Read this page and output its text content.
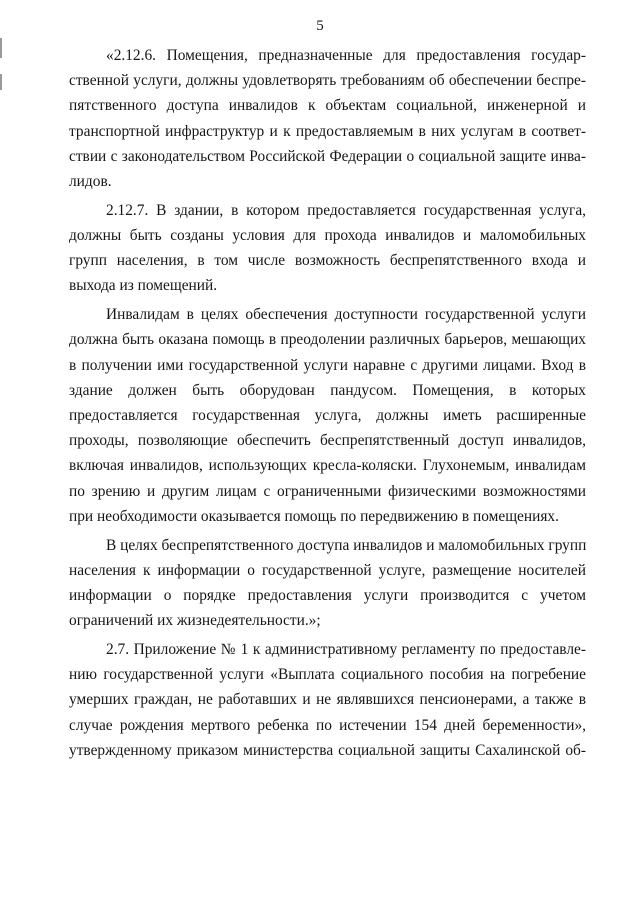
5

«2.12.6. Помещения, предназначенные для предоставления государ-
ственной услуги, должны удовлетворять требованиям об обеспечении беспре-
пятственного доступа инвалидов к объектам социальной, инженерной и
транспортной инфраструктур и к предоставляемым в них услугам в соответ-
ствии с законодательством Российской Федерации о социальной защите инва-
лидов.

2.12.7. В здании, в котором предоставляется государственная услуга,
должны быть созданы условия для прохода инвалидов и маломобильных
групп населения, в том числе возможность беспрепятственного входа и
выхода из помещений.

Инвалидам в целях обеспечения доступности государственной услуги
должна быть оказана помощь в преодолении различных барьеров, мешающих
в получении ими государственной услуги наравне с другими лицами. Вход в
здание должен быть оборудован пандусом. Помещения, в которых
предоставляется государственная услуга, должны иметь расширенные
проходы, позволяющие обеспечить беспрепятственный доступ инвалидов,
включая инвалидов, использующих кресла-коляски. Глухонемым, инвалидам
по зрению и другим лицам с ограниченными физическими возможностями
при необходимости оказывается помощь по передвижению в помещениях.

В целях беспрепятственного доступа инвалидов и маломобильных групп
населения к информации о государственной услуге, размещение носителей
информации о порядке предоставления услуги производится с учетом
ограничений их жизнедеятельности.»;

2.7. Приложение № 1 к административному регламенту по предоставле-
нию государственной услуги «Выплата социального пособия на погребение
умерших граждан, не работавших и не являвшихся пенсионерами, а также в
случае рождения мертвого ребенка по истечении 154 дней беременности»,
утвержденному приказом министерства социальной защиты Сахалинской об-
